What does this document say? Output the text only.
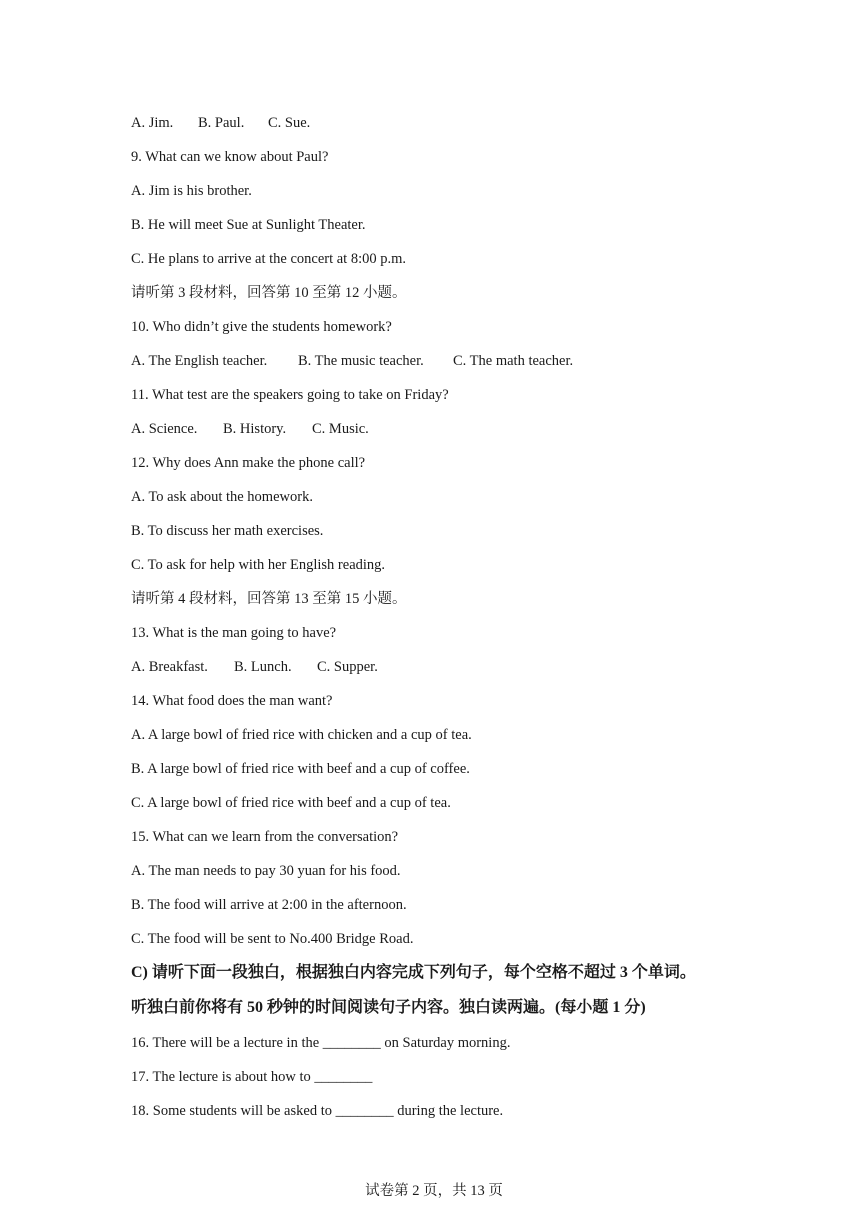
A. Jim. B. Paul. C. Sue.
9. What can we know about Paul?
A. Jim is his brother.
B. He will meet Sue at Sunlight Theater.
C. He plans to arrive at the concert at 8:00 p.m.
请听第 3 段材料，回答第 10 至第 12 小题。
10. Who didn’t give the students homework?
A. The English teacher. B. The music teacher. C. The math teacher.
11. What test are the speakers going to take on Friday?
A. Science. B. History. C. Music.
12. Why does Ann make the phone call?
A. To ask about the homework.
B. To discuss her math exercises.
C. To ask for help with her English reading.
请听第 4 段材料，回答第 13 至第 15 小题。
13. What is the man going to have?
A. Breakfast. B. Lunch. C. Supper.
14. What food does the man want?
A. A large bowl of fried rice with chicken and a cup of tea.
B. A large bowl of fried rice with beef and a cup of coffee.
C. A large bowl of fried rice with beef and a cup of tea.
15. What can we learn from the conversation?
A. The man needs to pay 30 yuan for his food.
B. The food will arrive at 2:00 in the afternoon.
C. The food will be sent to No.400 Bridge Road.
C) 请听下面一段独白，根据独白内容完成下列句子，每个空格不超过 3 个单词。
听独白前你将有 50 秒钟的时间阅读句子内容。独白读两遍。(每小题 1 分)
16. There will be a lecture in the ________ on Saturday morning.
17. The lecture is about how to ________
18. Some students will be asked to ________ during the lecture.
试卷第 2 页，共 13 页
